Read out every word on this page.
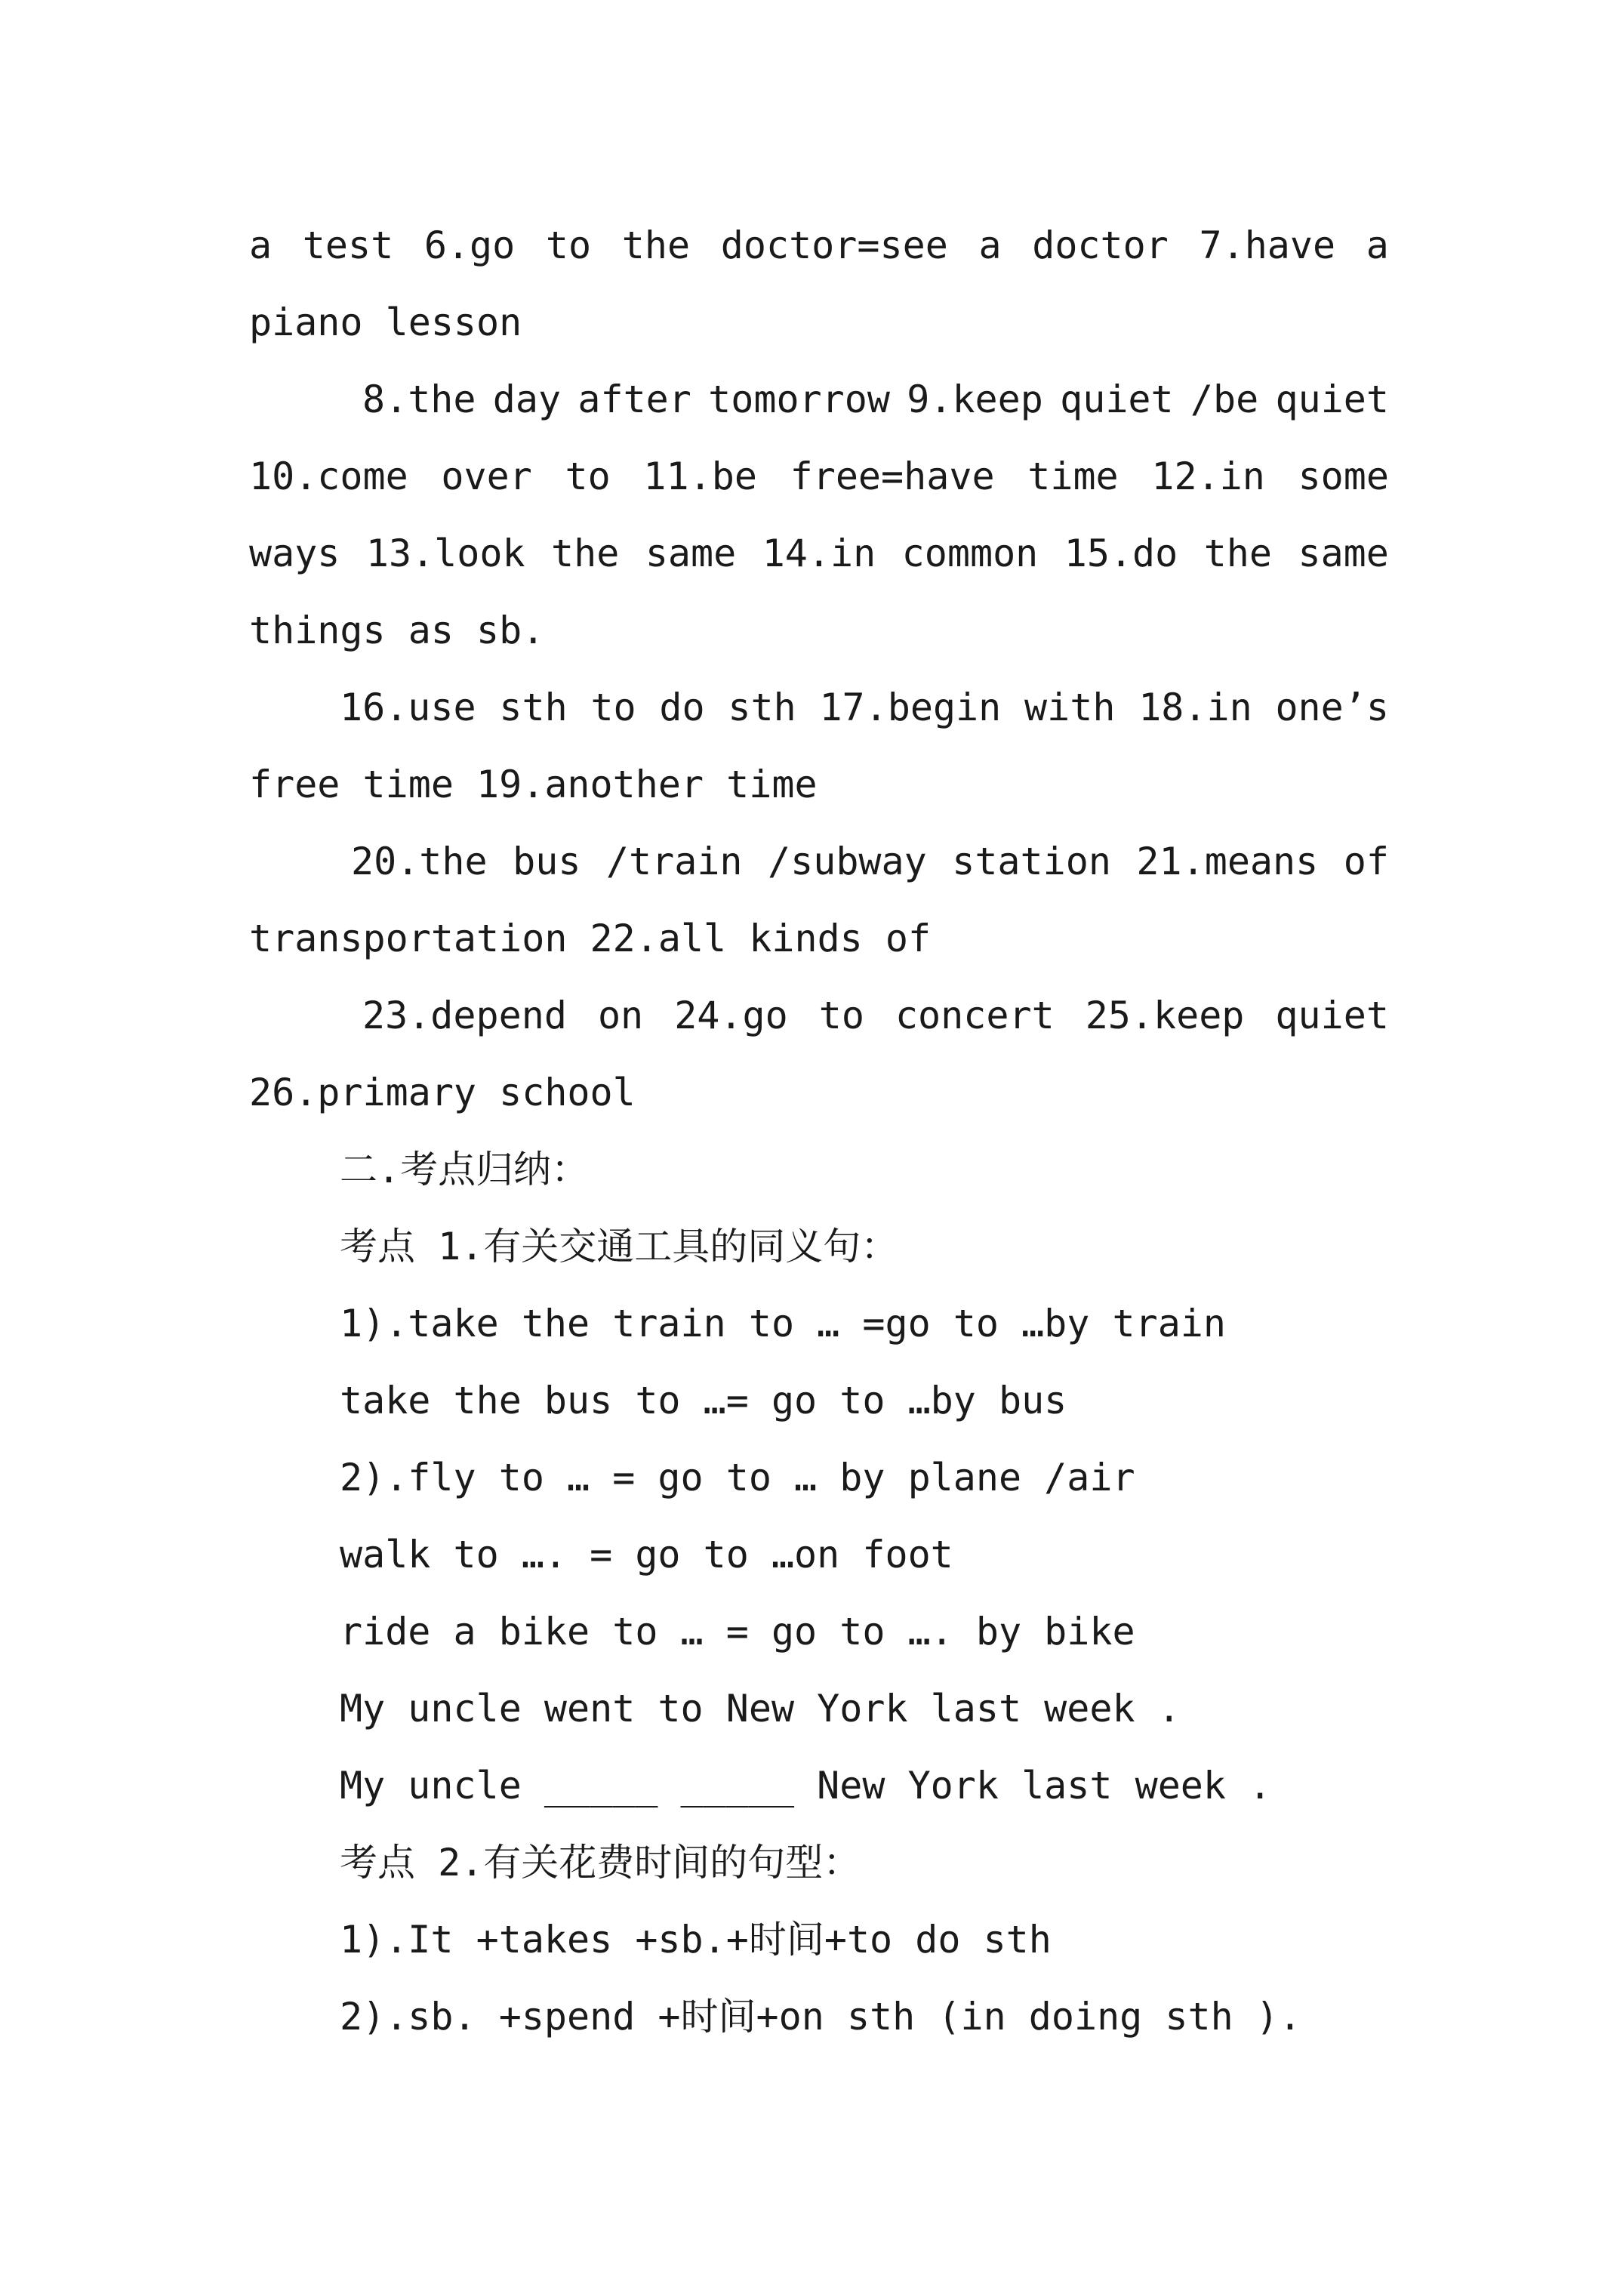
a test 6.go to the doctor=see a doctor 7.have a
piano lesson
8.the day after tomorrow 9.keep quiet /be quiet
10.come over to 11.be free=have time 12.in some
ways 13.look the same 14.in common 15.do the same
things as sb.
16.use sth to do sth 17.begin with 18.in one’s
free time 19.another time
20.the bus /train /subway station 21.means of
transportation 22.all kinds of
23.depend on 24.go to concert 25.keep quiet
26.primary school
二.考点归纳：
考点 1.有关交通工具的同义句：
1).take the train to … =go to …by train
take the bus to …= go to …by bus
2).fly to … = go to … by plane /air
walk to …. = go to …on foot
ride a bike to … = go to …. by bike
My uncle went to New York last week .
My uncle _____ _____ New York last week .
考点 2.有关花费时间的句型：
1).It +takes +sb.+时间+to do sth
2).sb. +spend +时间+on sth (in doing sth ).
